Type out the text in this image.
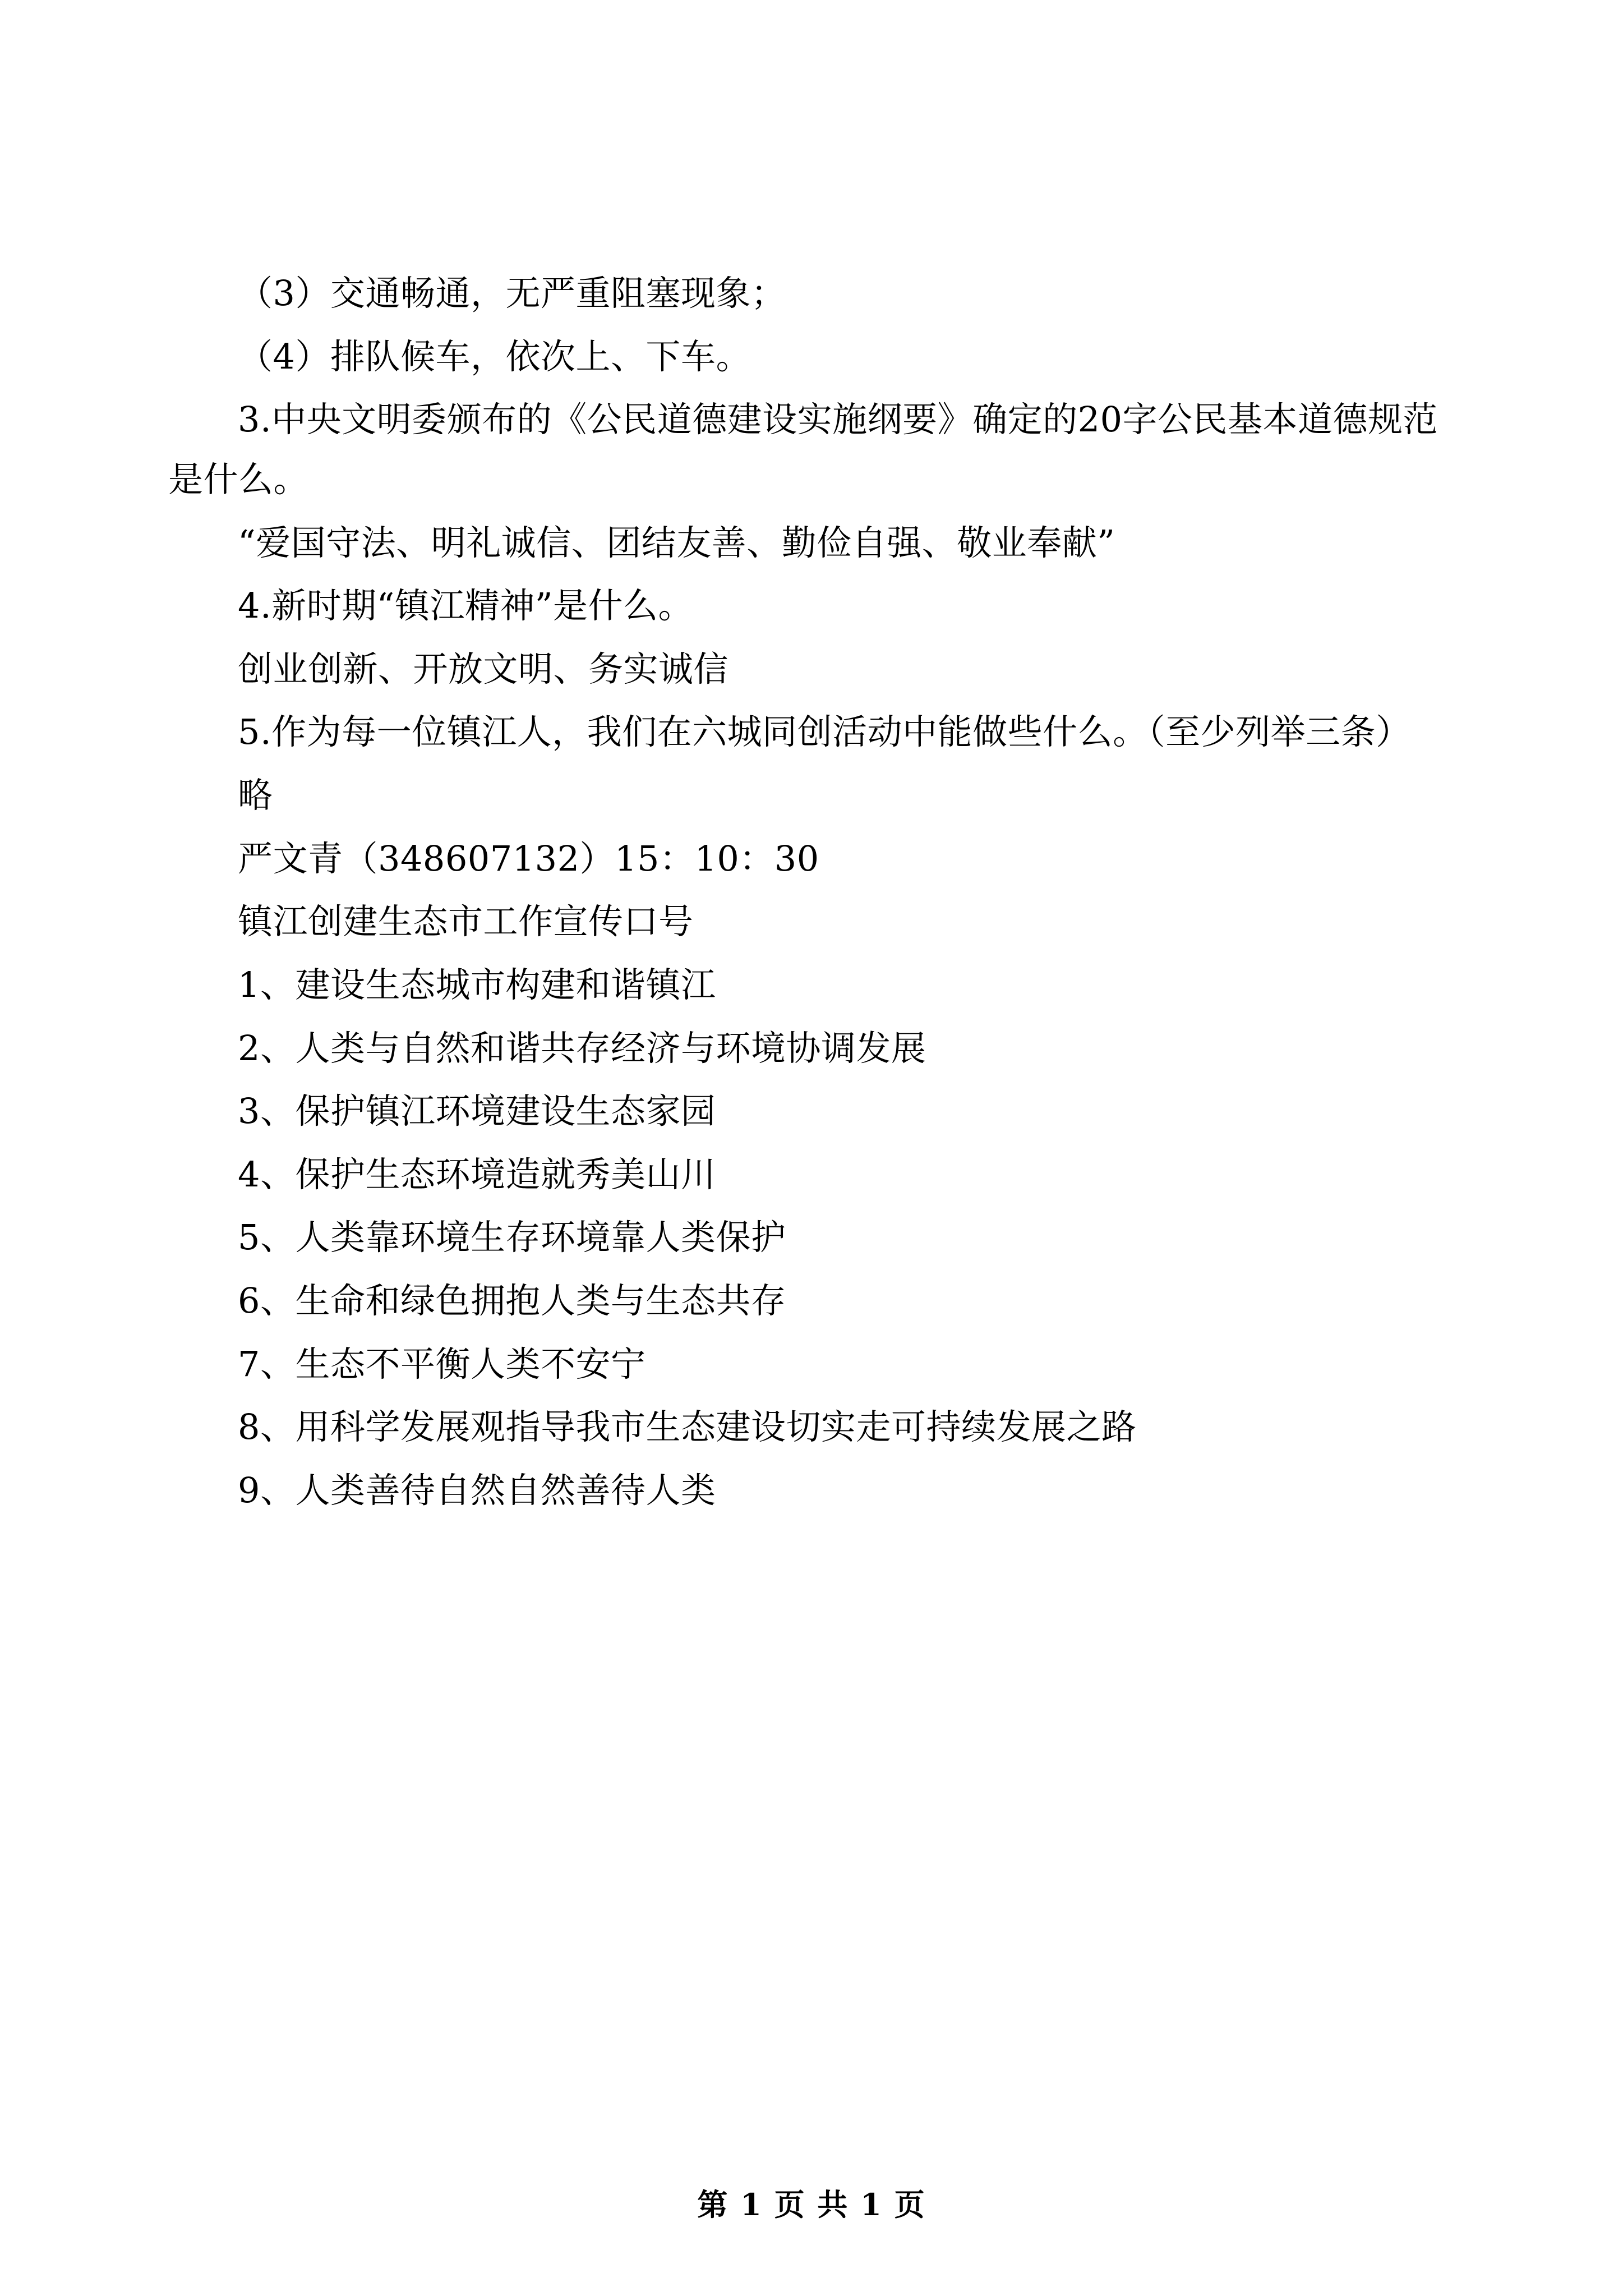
（3）交通畅通，无严重阻塞现象；

（4）排队候车，依次上、下车。

3.中央文明委颁布的《公民道德建设实施纲要》确定的20字公民基本道德规范是什么。

“爱国守法、明礼诚信、团结友善、勤俭自强、敬业奉献”

4.新时期“镇江精神”是什么。

创业创新、开放文明、务实诚信

5.作为每一位镇江人，我们在六城同创活动中能做些什么。（至少列举三条）

略

严文青（348607132）15：10：30

镇江创建生态市工作宣传口号

1、建设生态城市构建和谐镇江

2、人类与自然和谐共存经济与环境协调发展

3、保护镇江环境建设生态家园

4、保护生态环境造就秀美山川

5、人类靠环境生存环境靠人类保护

6、生命和绿色拥抱人类与生态共存

7、生态不平衡人类不安宁

8、用科学发展观指导我市生态建设切实走可持续发展之路

9、人类善待自然自然善待人类

第 1 页 共 1 页
